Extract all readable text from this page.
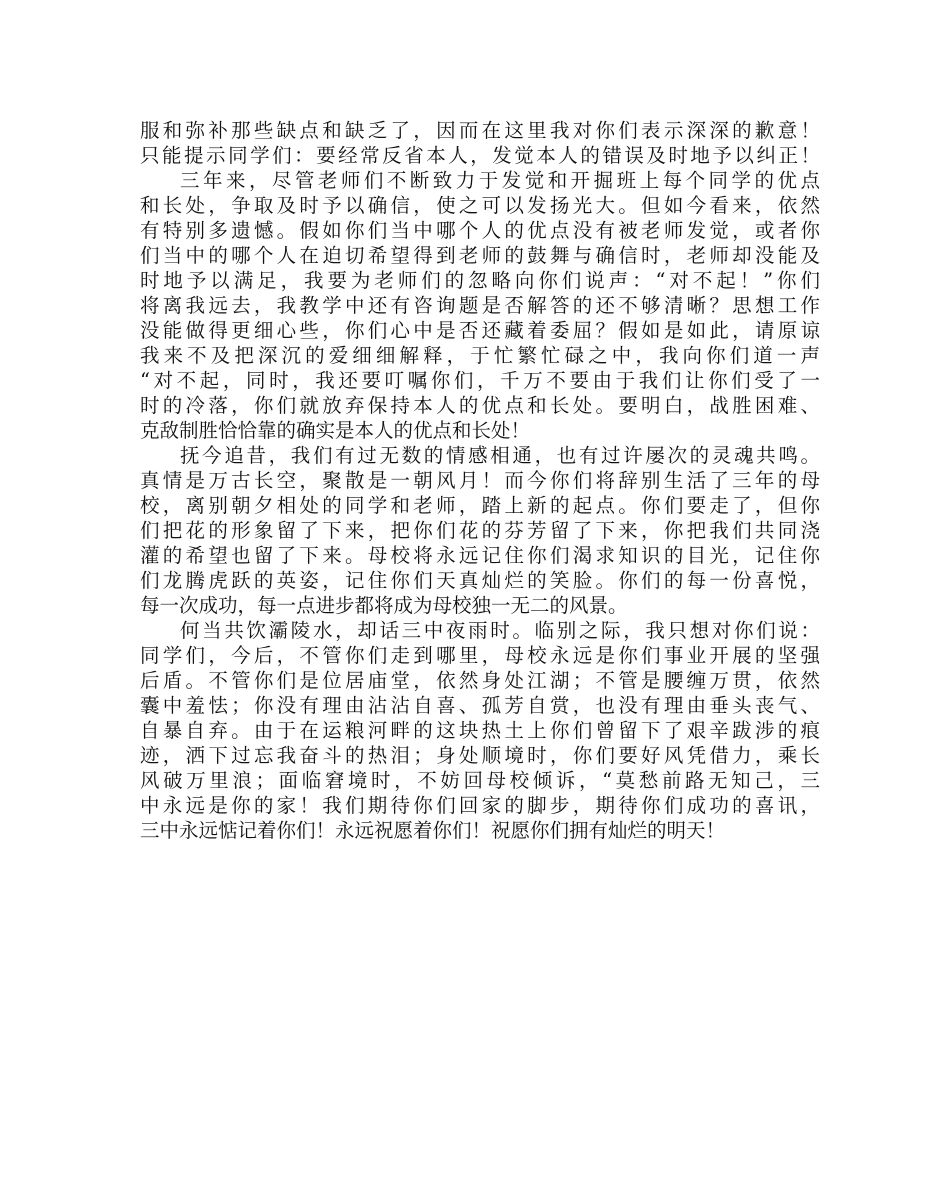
服和弥补那些缺点和缺乏了，因而在这里我对你们表示深深的歉意！
只能提示同学们：要经常反省本人，发觉本人的错误及时地予以纠正！
三年来，尽管老师们不断致力于发觉和开掘班上每个同学的优点
和长处，争取及时予以确信，使之可以发扬光大。但如今看来，依然
有特别多遗憾。假如你们当中哪个人的优点没有被老师发觉，或者你
们当中的哪个人在迫切希望得到老师的鼓舞与确信时，老师却没能及
时地予以满足，我要为老师们的忽略向你们说声：“对不起！”你们
将离我远去，我教学中还有咨询题是否解答的还不够清晰？思想工作
没能做得更细心些，你们心中是否还藏着委屈？假如是如此，请原谅
我来不及把深沉的爱细细解释，于忙繁忙碌之中，我向你们道一声
“对不起，同时，我还要叮嘱你们，千万不要由于我们让你们受了一
时的冷落，你们就放弃保持本人的优点和长处。要明白，战胜困难、
克敌制胜恰恰靠的确实是本人的优点和长处！
抚今追昔，我们有过无数的情感相通，也有过许屡次的灵魂共鸣。
真情是万古长空，聚散是一朝风月！而今你们将辞别生活了三年的母
校，离别朝夕相处的同学和老师，踏上新的起点。你们要走了，但你
们把花的形象留了下来，把你们花的芬芳留了下来，你把我们共同浇
灌的希望也留了下来。母校将永远记住你们渴求知识的目光，记住你
们龙腾虎跃的英姿，记住你们天真灿烂的笑脸。你们的每一份喜悦，
每一次成功，每一点进步都将成为母校独一无二的风景。
何当共饮灞陵水，却话三中夜雨时。临别之际，我只想对你们说：
同学们，今后，不管你们走到哪里，母校永远是你们事业开展的坚强
后盾。不管你们是位居庙堂，依然身处江湖；不管是腰缠万贯，依然
囊中羞怯；你没有理由沾沾自喜、孤芳自赏，也没有理由垂头丧气、
自暴自弃。由于在运粮河畔的这块热土上你们曾留下了艰辛跋涉的痕
迹，洒下过忘我奋斗的热泪；身处顺境时，你们要好风凭借力，乘长
风破万里浪；面临窘境时，不妨回母校倾诉，“莫愁前路无知己，三
中永远是你的家！我们期待你们回家的脚步，期待你们成功的喜讯，
三中永远惦记着你们！永远祝愿着你们！祝愿你们拥有灿烂的明天！
